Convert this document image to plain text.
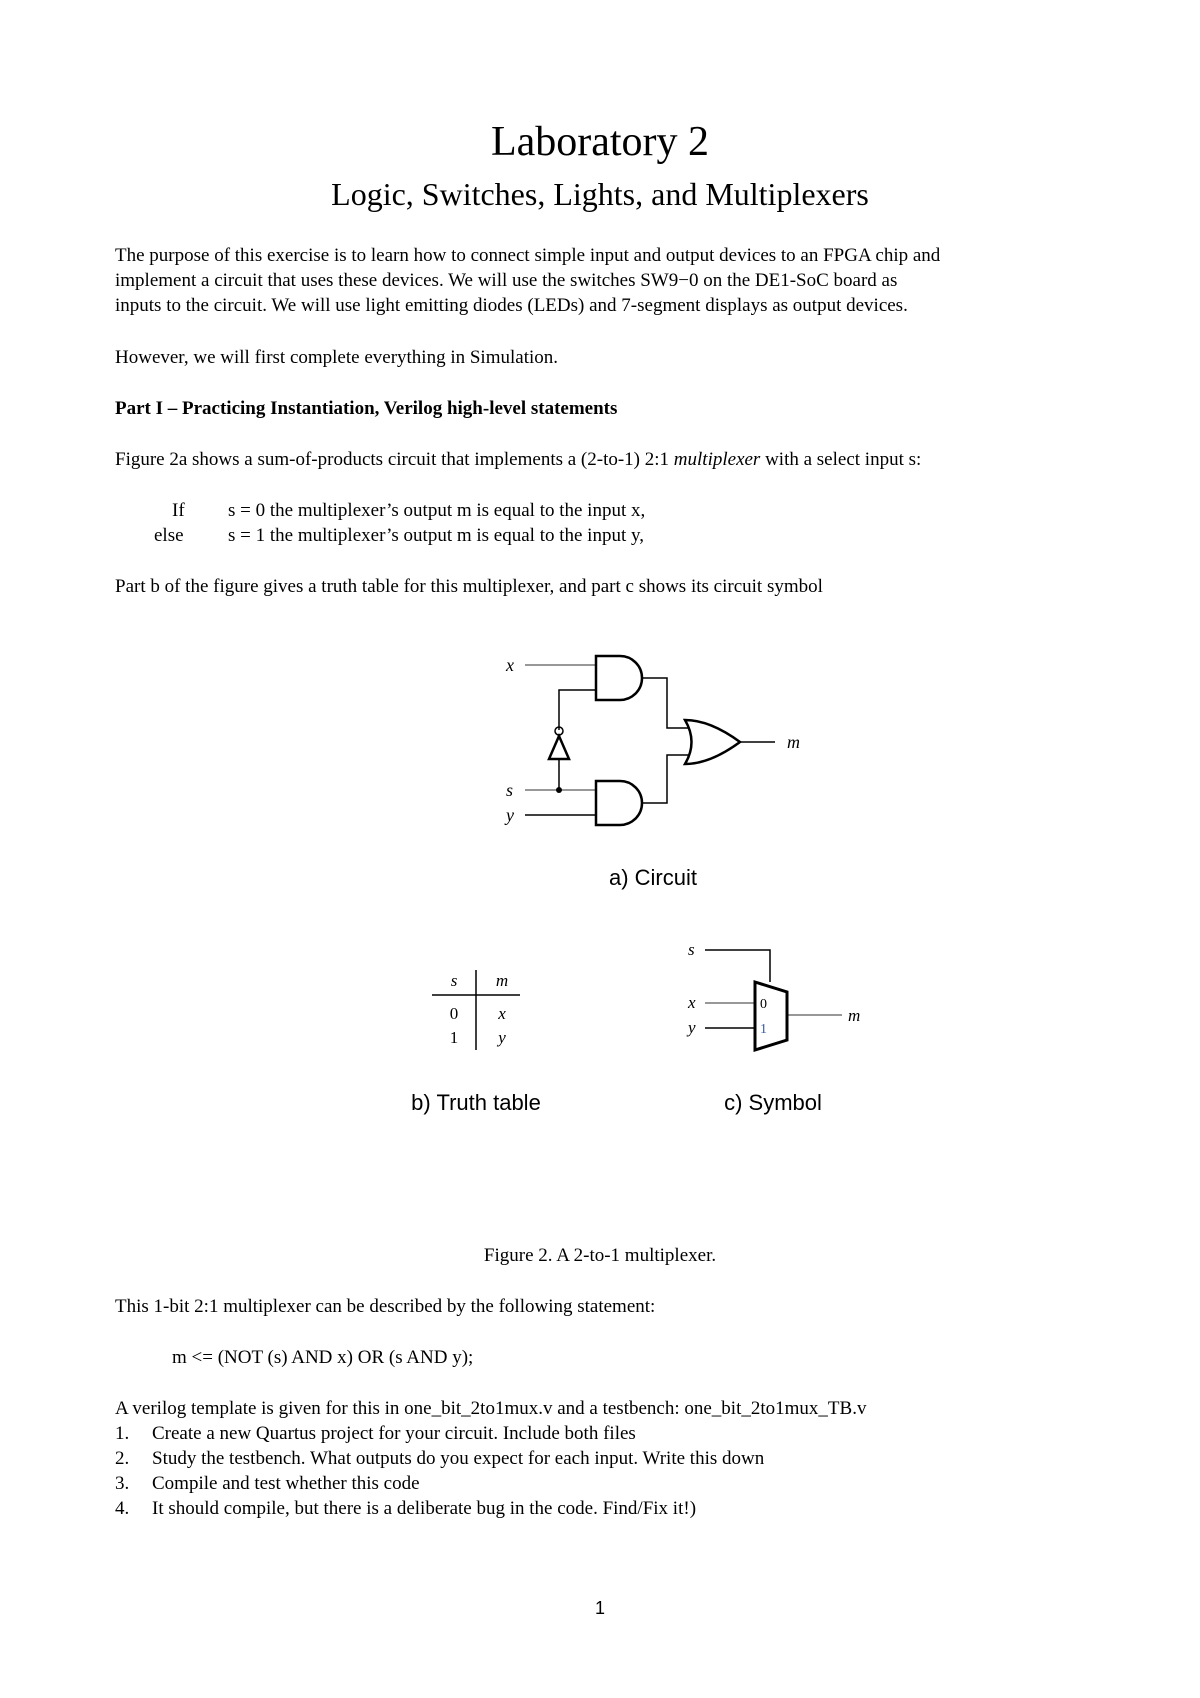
Laboratory 2
Logic, Switches, Lights, and Multiplexers
The purpose of this exercise is to learn how to connect simple input and output devices to an FPGA chip and
implement a circuit that uses these devices. We will use the switches SW9−0 on the DE1-SoC board as
inputs to the circuit. We will use light emitting diodes (LEDs) and 7-segment displays as output devices.
However, we will first complete everything in Simulation.
Part I – Practicing Instantiation, Verilog high-level statements
Figure 2a shows a sum-of-products circuit that implements a (2-to-1) 2:1 multiplexer with a select input s:
If s = 0 the multiplexer’s output m is equal to the input x,
else s = 1 the multiplexer’s output m is equal to the input y,
Part b of the figure gives a truth table for this multiplexer, and part c shows its circuit symbol
x
s
y
m
a) Circuit
s m
0 x
1 y
b) Truth table
s
x
y
m
0
1
c) Symbol
Figure 2. A 2-to-1 multiplexer.
This 1-bit 2:1 multiplexer can be described by the following statement:
m <= (NOT (s) AND x) OR (s AND y);
A verilog template is given for this in one_bit_2to1mux.v and a testbench: one_bit_2to1mux_TB.v
1. Create a new Quartus project for your circuit. Include both files
2. Study the testbench. What outputs do you expect for each input. Write this down
3. Compile and test whether this code
4. It should compile, but there is a deliberate bug in the code. Find/Fix it!)
1
